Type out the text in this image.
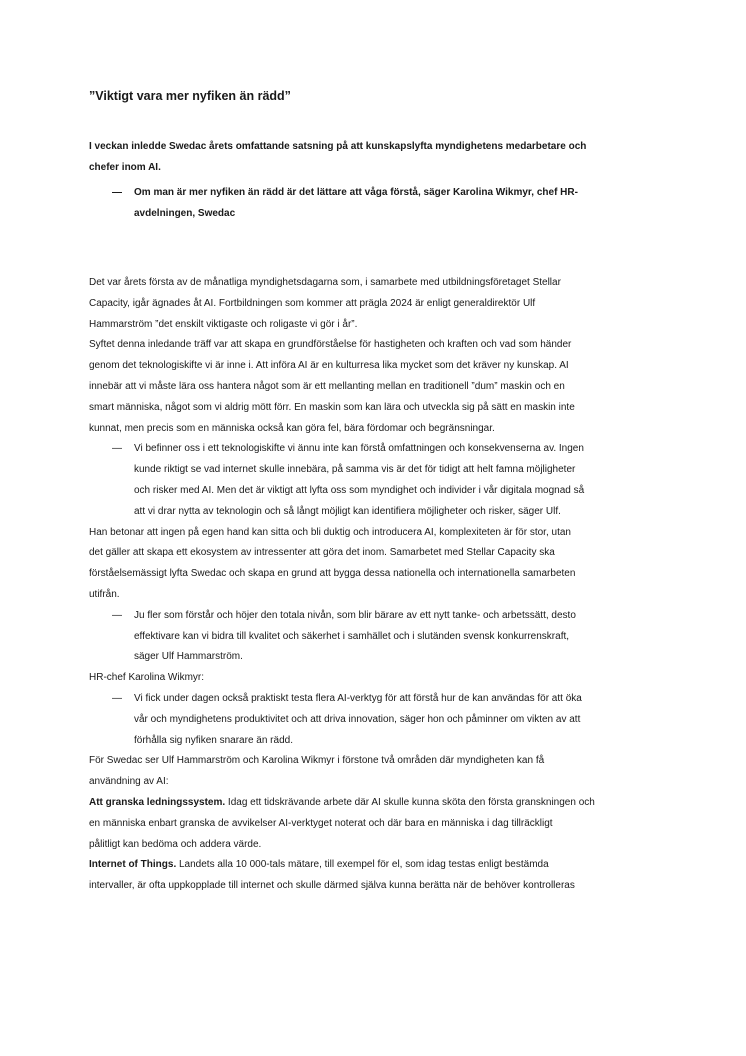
”Viktigt vara mer nyfiken än rädd”
I veckan inledde Swedac årets omfattande satsning på att kunskapslyfta myndighetens medarbetare och
chefer inom AI.
— Om man är mer nyfiken än rädd är det lättare att våga förstå, säger Karolina Wikmyr, chef HR-
avdelningen, Swedac

Det var årets första av de månatliga myndighetsdagarna som, i samarbete med utbildningsföretaget Stellar
Capacity, igår ägnades åt AI. Fortbildningen som kommer att prägla 2024 är enligt generaldirektör Ulf
Hammarström ”det enskilt viktigaste och roligaste vi gör i år”.

Syftet denna inledande träff var att skapa en grundförståelse för hastigheten och kraften och vad som händer
genom det teknologiskifte vi är inne i. Att införa AI är en kulturresa lika mycket som det kräver ny kunskap. AI
innebär att vi måste lära oss hantera något som är ett mellanting mellan en traditionell ”dum” maskin och en
smart människa, något som vi aldrig mött förr. En maskin som kan lära och utveckla sig på sätt en maskin inte
kunnat, men precis som en människa också kan göra fel, bära fördomar och begränsningar.

— Vi befinner oss i ett teknologiskifte vi ännu inte kan förstå omfattningen och konsekvenserna av. Ingen
kunde riktigt se vad internet skulle innebära, på samma vis är det för tidigt att helt famna möjligheter
och risker med AI. Men det är viktigt att lyfta oss som myndighet och individer i vår digitala mognad så
att vi drar nytta av teknologin och så långt möjligt kan identifiera möjligheter och risker, säger Ulf.

Han betonar att ingen på egen hand kan sitta och bli duktig och introducera AI, komplexiteten är för stor, utan
det gäller att skapa ett ekosystem av intressenter att göra det inom. Samarbetet med Stellar Capacity ska
förståelsemässigt lyfta Swedac och skapa en grund att bygga dessa nationella och internationella samarbeten
utifrån.

— Ju fler som förstår och höjer den totala nivån, som blir bärare av ett nytt tanke- och arbetssätt, desto
effektivare kan vi bidra till kvalitet och säkerhet i samhället och i slutänden svensk konkurrenskraft,
säger Ulf Hammarström.

HR-chef Karolina Wikmyr:

— Vi fick under dagen också praktiskt testa flera AI-verktyg för att förstå hur de kan användas för att öka
vår och myndighetens produktivitet och att driva innovation, säger hon och påminner om vikten av att
förhålla sig nyfiken snarare än rädd.

För Swedac ser Ulf Hammarström och Karolina Wikmyr i förstone två områden där myndigheten kan få
användning av AI:

Att granska ledningssystem. Idag ett tidskrävande arbete där AI skulle kunna sköta den första granskningen och
en människa enbart granska de avvikelser AI-verktyget noterat och där bara en människa i dag tillräckligt
pålitligt kan bedöma och addera värde.

Internet of Things. Landets alla 10 000-tals mätare, till exempel för el, som idag testas enligt bestämda
intervaller, är ofta uppkopplade till internet och skulle därmed själva kunna berätta när de behöver kontrolleras
